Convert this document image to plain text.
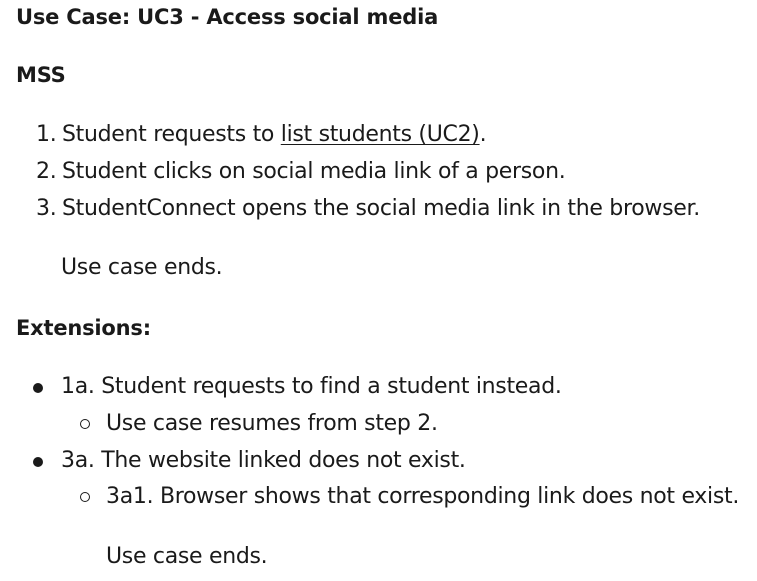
Use Case: UC3 - Access social media
MSS
1. Student requests to list students (UC2).
2. Student clicks on social media link of a person.
3. StudentConnect opens the social media link in the browser.
Use case ends.
Extensions:
1a. Student requests to find a student instead.
Use case resumes from step 2.
3a. The website linked does not exist.
3a1. Browser shows that corresponding link does not exist.
Use case ends.
